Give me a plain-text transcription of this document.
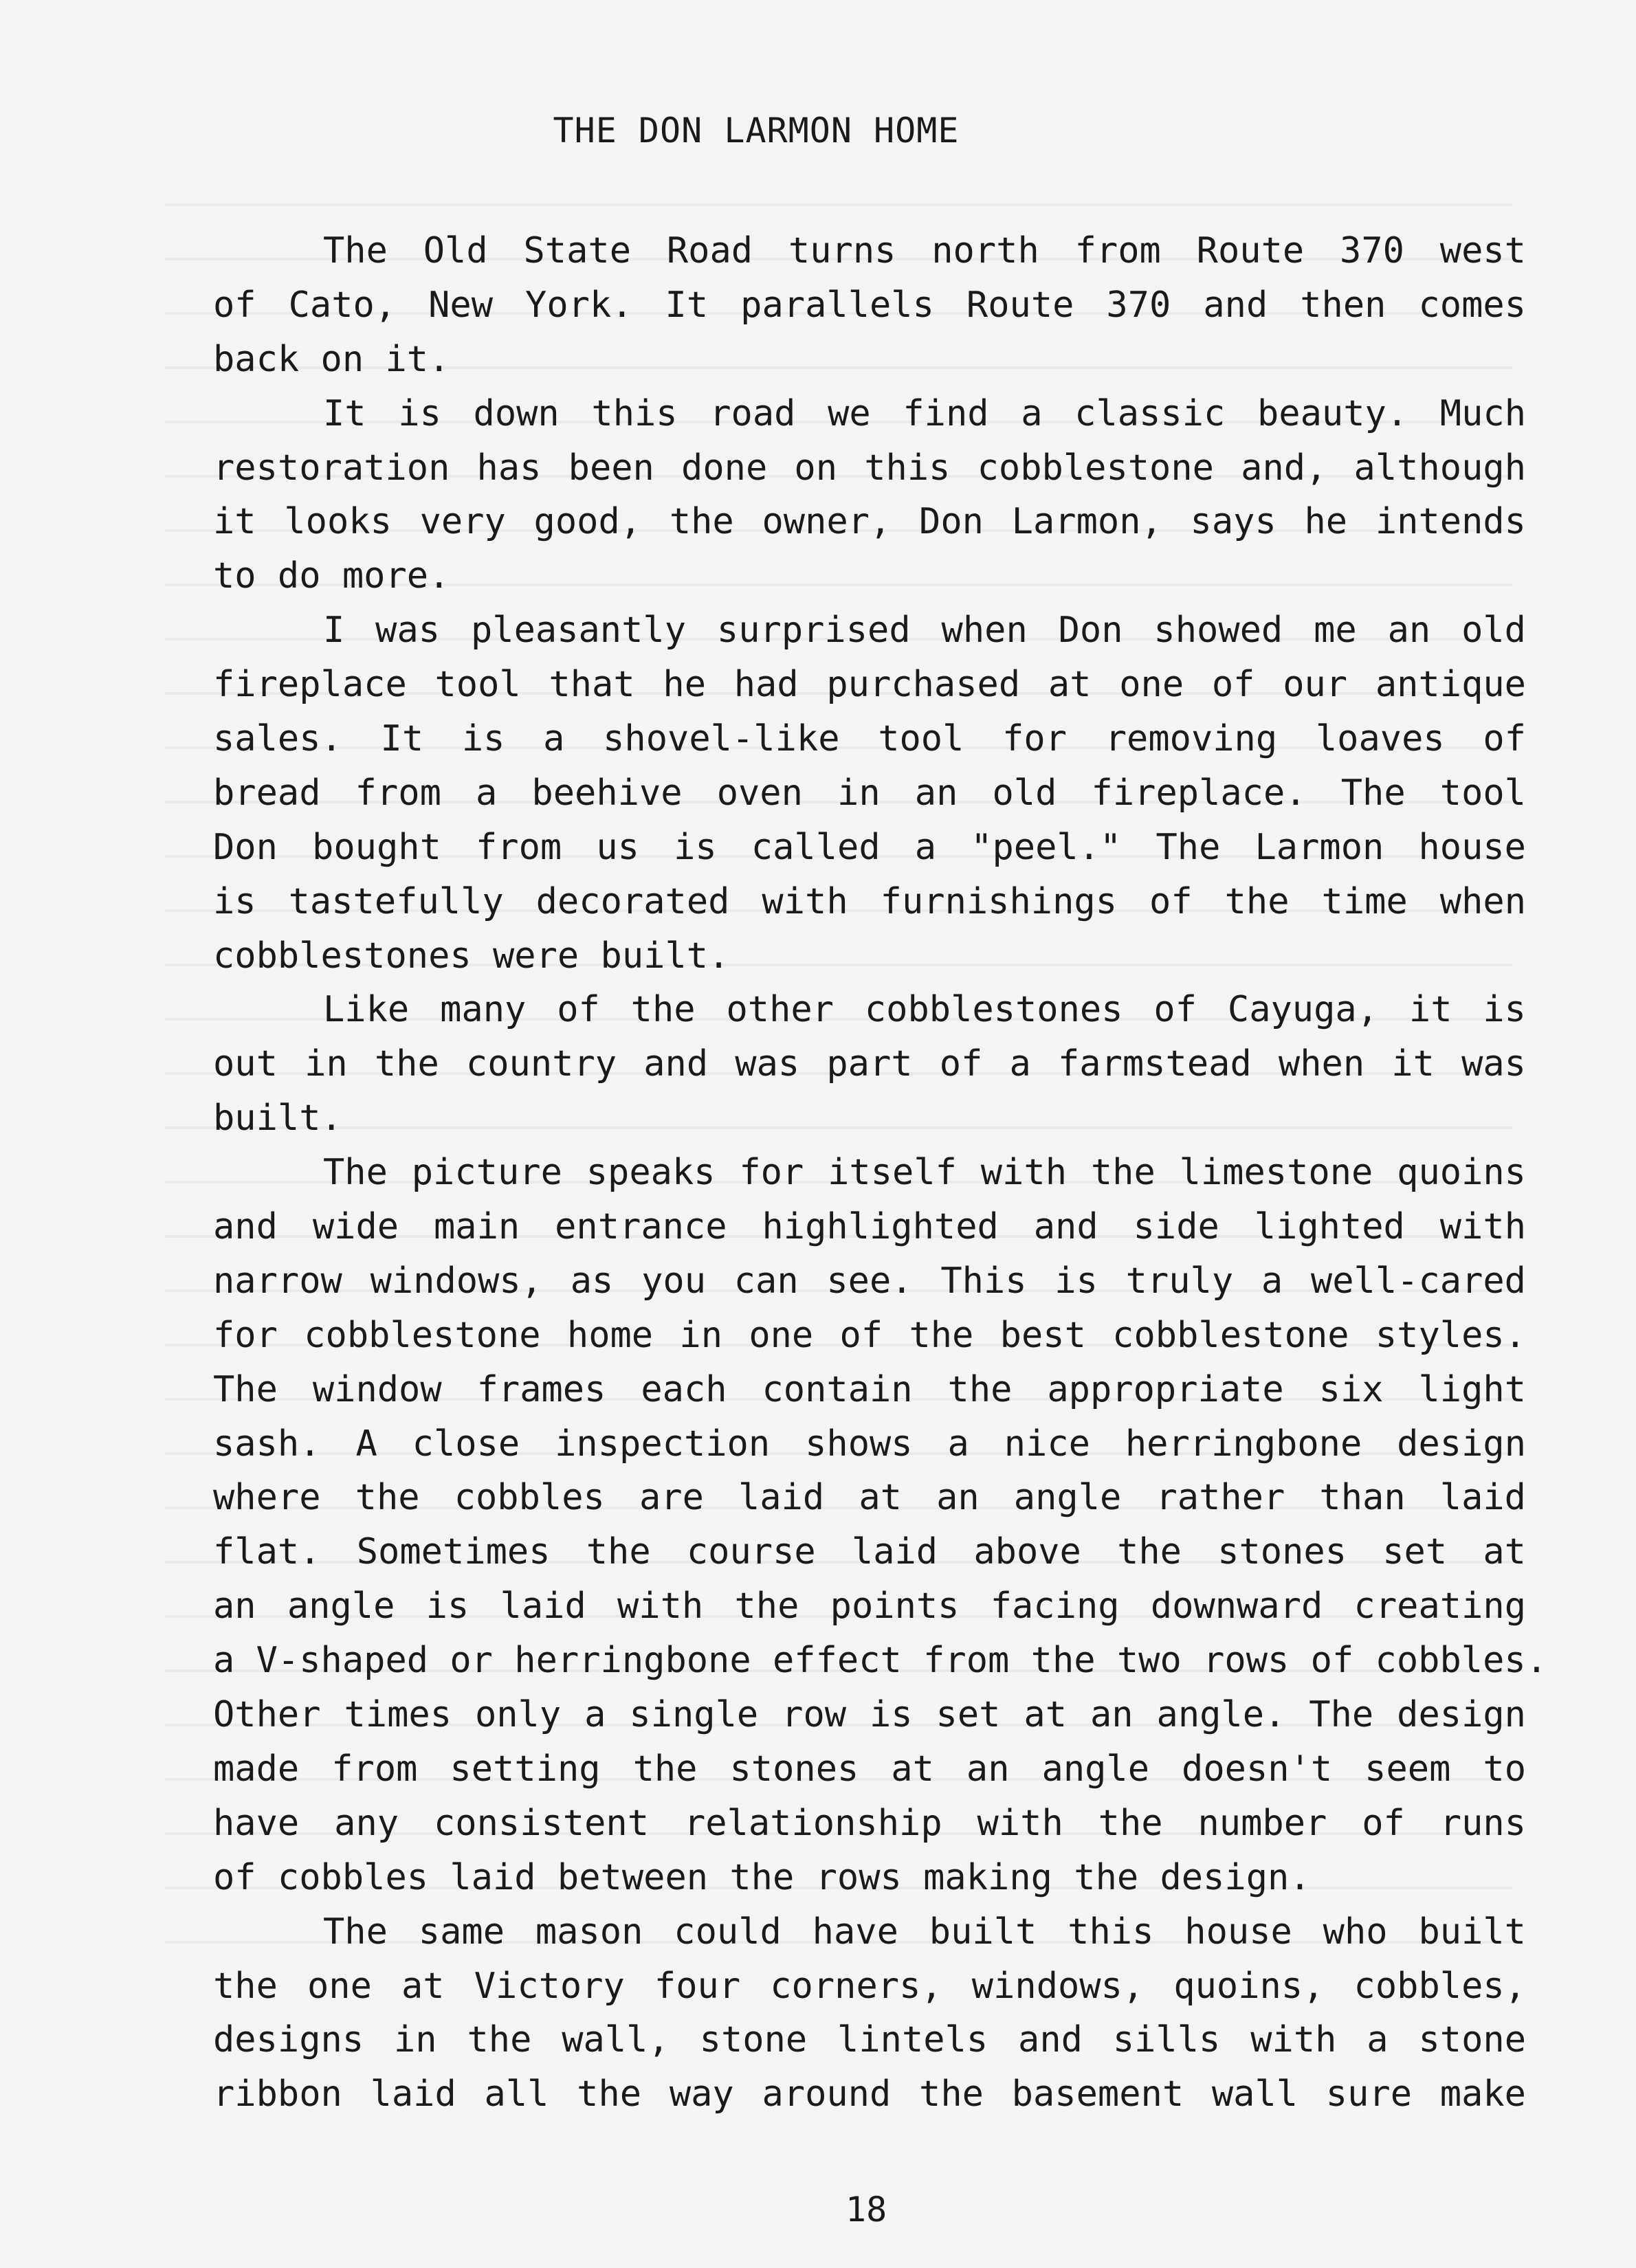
THE DON LARMON HOME
The Old State Road turns north from Route 370 west
of Cato, New York. It parallels Route 370 and then comes
back on it.
It is down this road we find a classic beauty. Much
restoration has been done on this cobblestone and, although
it looks very good, the owner, Don Larmon, says he intends
to do more.
I was pleasantly surprised when Don showed me an old
fireplace tool that he had purchased at one of our antique
sales. It is a shovel-like tool for removing loaves of
bread from a beehive oven in an old fireplace. The tool
Don bought from us is called a "peel." The Larmon house
is tastefully decorated with furnishings of the time when
cobblestones were built.
Like many of the other cobblestones of Cayuga, it is
out in the country and was part of a farmstead when it was
built.
The picture speaks for itself with the limestone quoins
and wide main entrance highlighted and side lighted with
narrow windows, as you can see. This is truly a well-cared
for cobblestone home in one of the best cobblestone styles.
The window frames each contain the appropriate six light
sash. A close inspection shows a nice herringbone design
where the cobbles are laid at an angle rather than laid
flat. Sometimes the course laid above the stones set at
an angle is laid with the points facing downward creating
a V-shaped or herringbone effect from the two rows of cobbles.
Other times only a single row is set at an angle. The design
made from setting the stones at an angle doesn't seem to
have any consistent relationship with the number of runs
of cobbles laid between the rows making the design.
The same mason could have built this house who built
the one at Victory four corners, windows, quoins, cobbles,
designs in the wall, stone lintels and sills with a stone
ribbon laid all the way around the basement wall sure make
18
